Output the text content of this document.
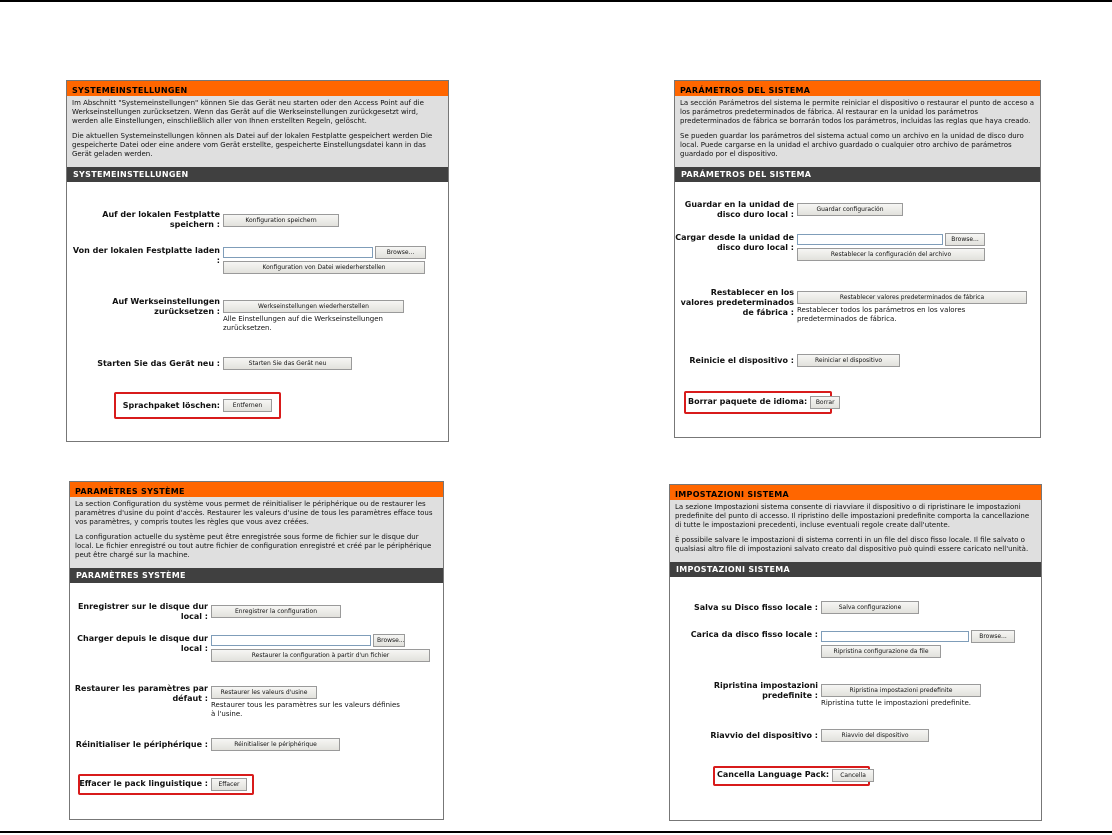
SYSTEMEINSTELLUNGEN

Im Abschnitt "Systemeinstellungen" können Sie das Gerät neu starten oder den Access Point auf die Werkseinstellungen zurücksetzen. Wenn das Gerät auf die Werkseinstellungen zurückgesetzt wird, werden alle Einstellungen, einschließlich aller von Ihnen erstellten Regeln, gelöscht.

Die aktuellen Systemeinstellungen können als Datei auf der lokalen Festplatte gespeichert werden Die gespeicherte Datei oder eine andere vom Gerät erstellte, gespeicherte Einstellungsdatei kann in das Gerät geladen werden.

SYSTEMEINSTELLUNGEN
Auf der lokalen Festplatte speichern :	Konfiguration speichern
Von der lokalen Festplatte laden :
Browse...
Konfiguration von Datei wiederherstellen
Auf Werkseinstellungen zurücksetzen :
Werkseinstellungen wiederherstellen
Alle Einstellungen auf die Werkseinstellungen zurücksetzen.
Starten Sie das Gerät neu :	Starten Sie das Gerät neu
Sprachpaket löschen:	Entfernen
PARÁMETROS DEL SISTEMA

La sección Parámetros del sistema le permite reiniciar el dispositivo o restaurar el punto de acceso a los parámetros predeterminados de fábrica. Al restaurar en la unidad los parámetros predeterminados de fábrica se borrarán todos los parámetros, incluidas las reglas que haya creado.

Se pueden guardar los parámetros del sistema actual como un archivo en la unidad de disco duro local. Puede cargarse en la unidad el archivo guardado o cualquier otro archivo de parámetros guardado por el dispositivo.

PARÁMETROS DEL SISTEMA
Guardar en la unidad de disco duro local :
Guardar configuración
Cargar desde la unidad de disco duro local :
Browse...
Restablecer la configuración del archivo
Restablecer en los valores predeterminados de fábrica :
Restablecer valores predeterminados de fábrica
Restablecer todos los parámetros en los valores predeterminados de fábrica.
Reinicie el dispositivo :	Reiniciar el dispositivo
Borrar paquete de idioma:	Borrar
PARAMÈTRES SYSTÈME

La section Configuration du système vous permet de réinitialiser le périphérique ou de restaurer les paramètres d'usine du point d'accès. Restaurer les valeurs d'usine de tous les paramètres efface tous vos paramètres, y compris toutes les règles que vous avez créées.

La configuration actuelle du système peut être enregistrée sous forme de fichier sur le disque dur local. Le fichier enregistré ou tout autre fichier de configuration enregistré et créé par le périphérique peut être chargé sur la machine.

PARAMÈTRES SYSTÈME
Enregistrer sur le disque dur local :
Enregistrer la configuration
Charger depuis le disque dur local :
Browse...
Restaurer la configuration à partir d'un fichier
Restaurer les paramètres par défaut :
Restaurer les valeurs d'usine
Restaurer tous les paramètres sur les valeurs définies à l'usine.
Réinitialiser le périphérique :	Réinitialiser le périphérique
Effacer le pack linguistique :	Effacer
IMPOSTAZIONI SISTEMA

La sezione Impostazioni sistema consente di riavviare il dispositivo o di ripristinare le impostazioni predefinite del punto di accesso. Il ripristino delle impostazioni predefinite comporta la cancellazione di tutte le impostazioni precedenti, incluse eventuali regole create dall'utente.

È possibile salvare le impostazioni di sistema correnti in un file del disco fisso locale. Il file salvato o qualsiasi altro file di impostazioni salvato creato dal dispositivo può quindi essere caricato nell'unità.

IMPOSTAZIONI SISTEMA
Salva su Disco fisso locale :	Salva configurazione
Carica da disco fisso locale :	Browse...
Ripristina configurazione da file
Ripristina impostazioni predefinite :
Ripristina impostazioni predefinite
Ripristina tutte le impostazioni predefinite.
Riavvio del dispositivo :	Riavvio del dispositivo
Cancella Language Pack:	Cancella
